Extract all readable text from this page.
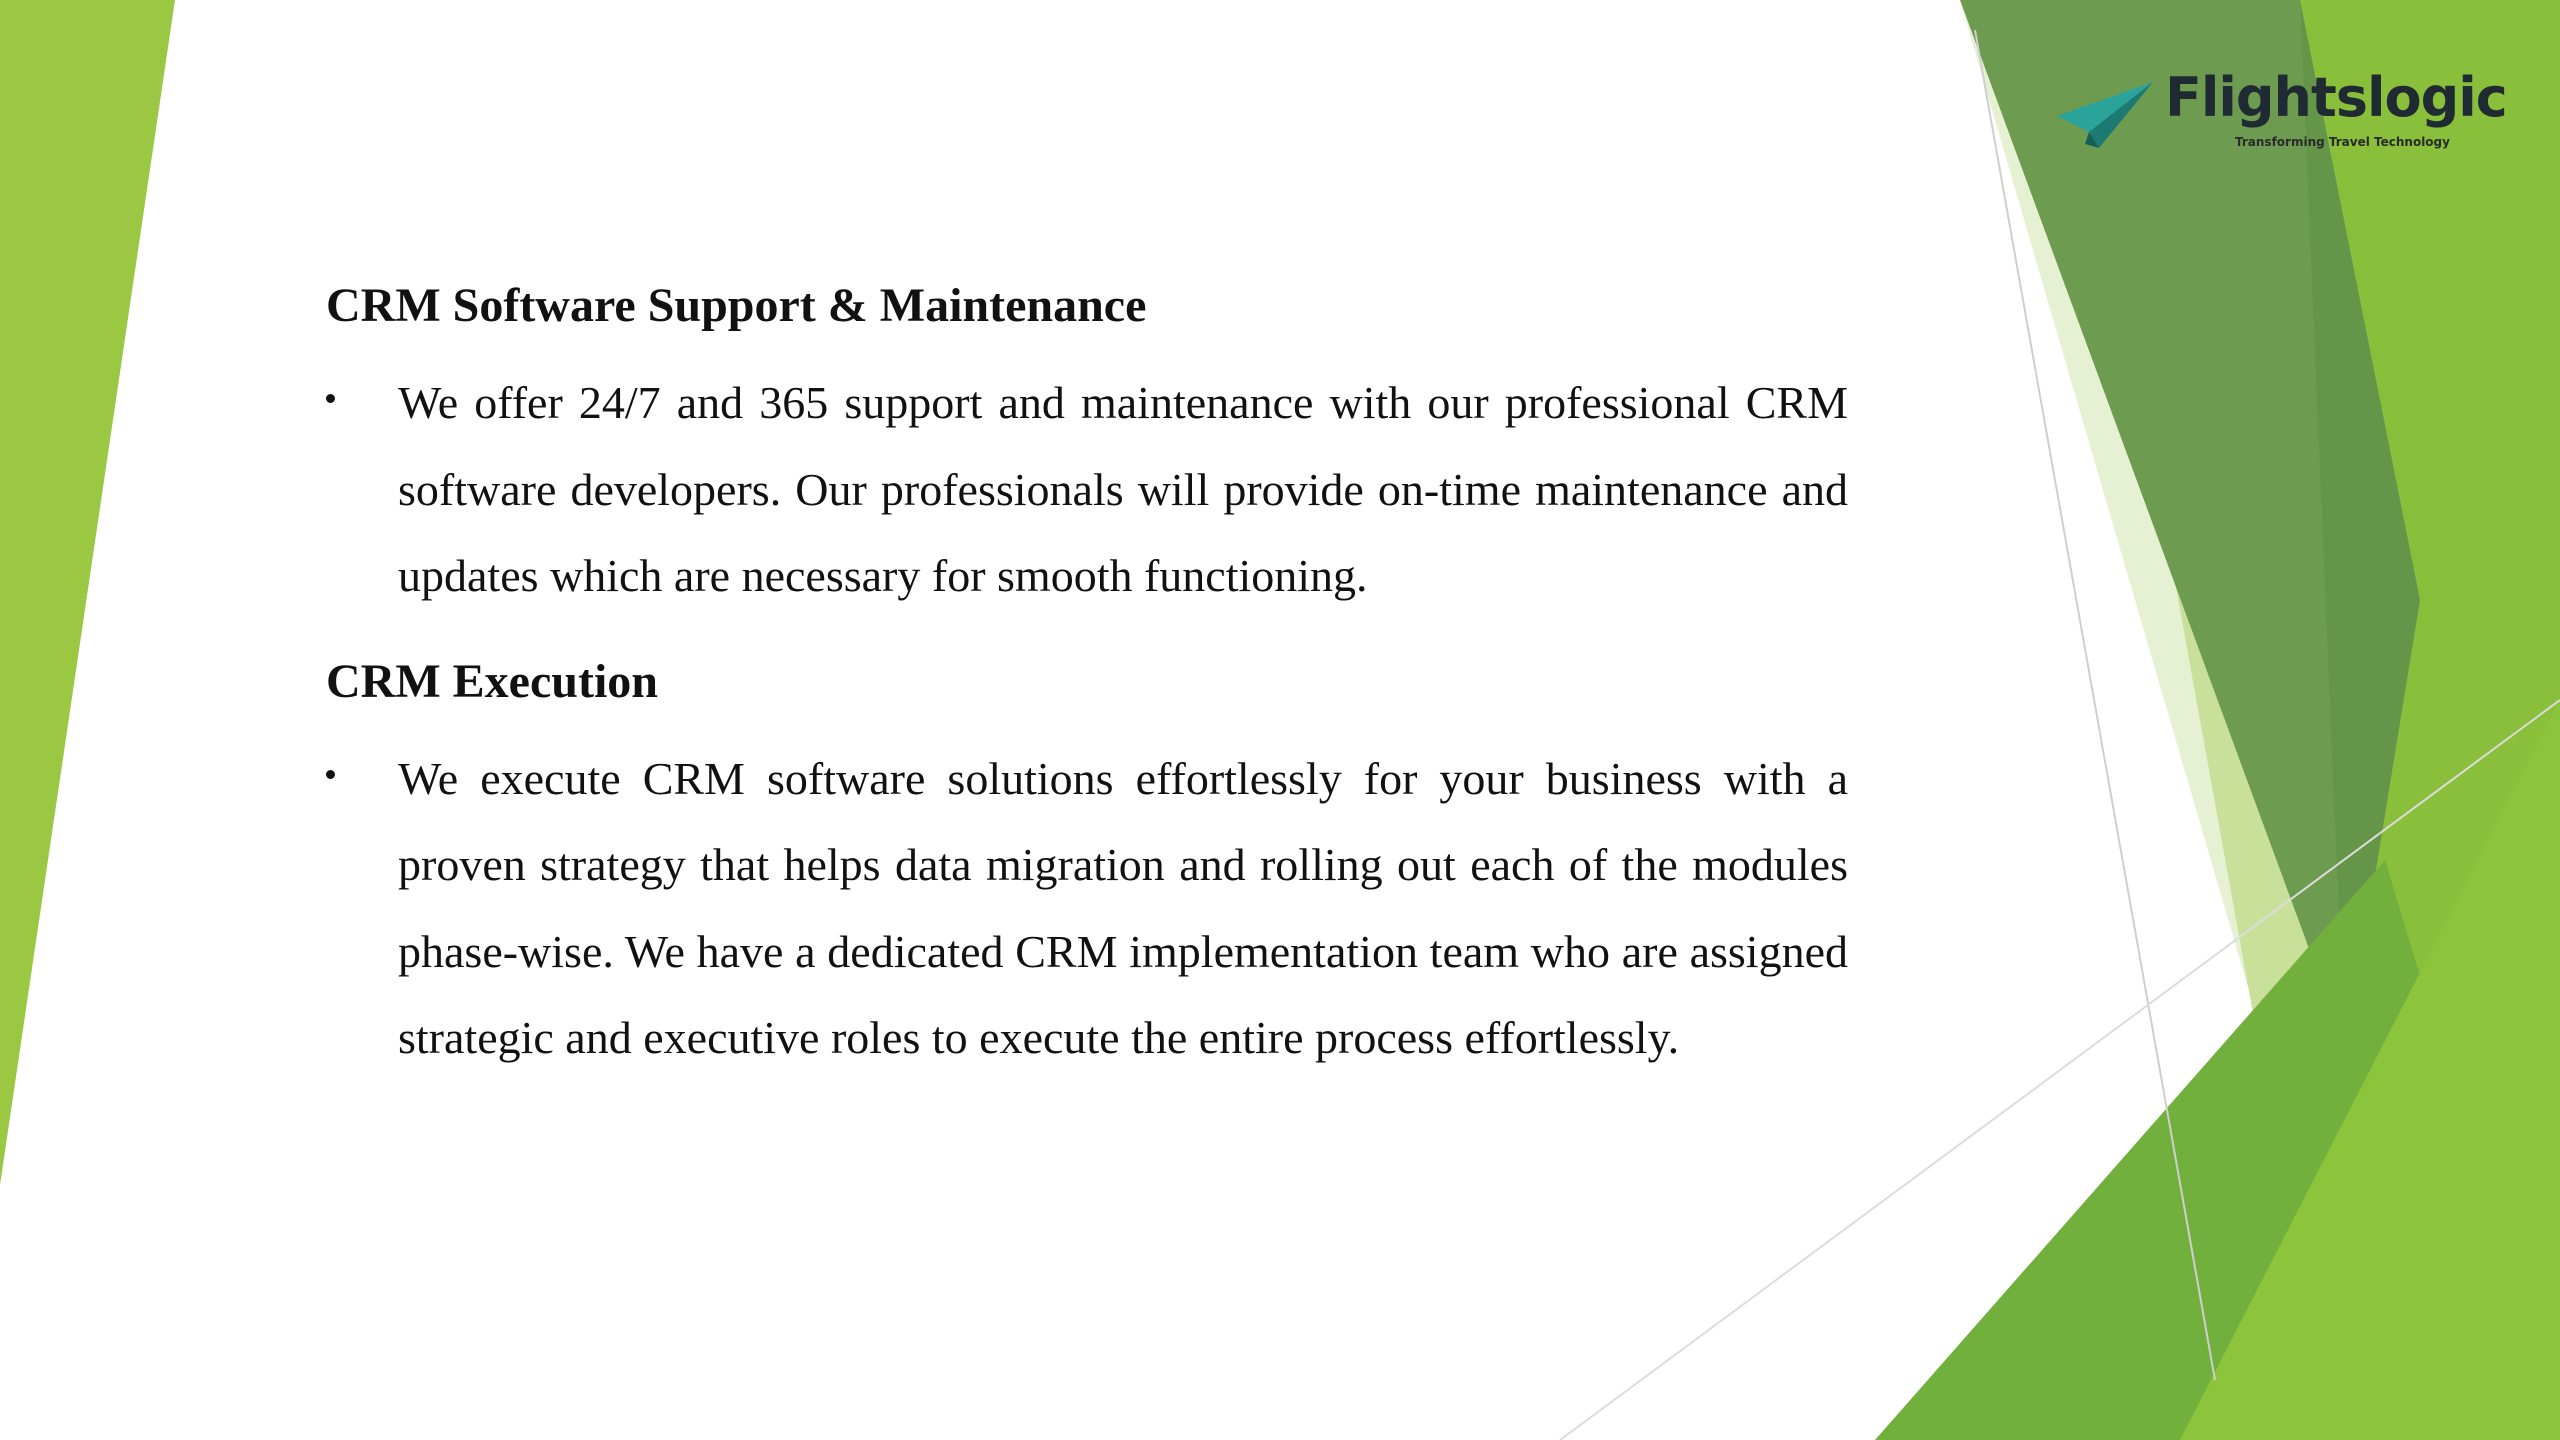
Flightslogic
Transforming Travel Technology
CRM Software Support & Maintenance
We offer 24/7 and 365 support and maintenance with our professional CRM software developers. Our professionals will provide on-time maintenance and updates which are necessary for smooth functioning.
CRM Execution
We execute CRM software solutions effortlessly for your business with a proven strategy that helps data migration and rolling out each of the modules phase-wise. We have a dedicated CRM implementation team who are assigned strategic and executive roles to execute the entire process effortlessly.
